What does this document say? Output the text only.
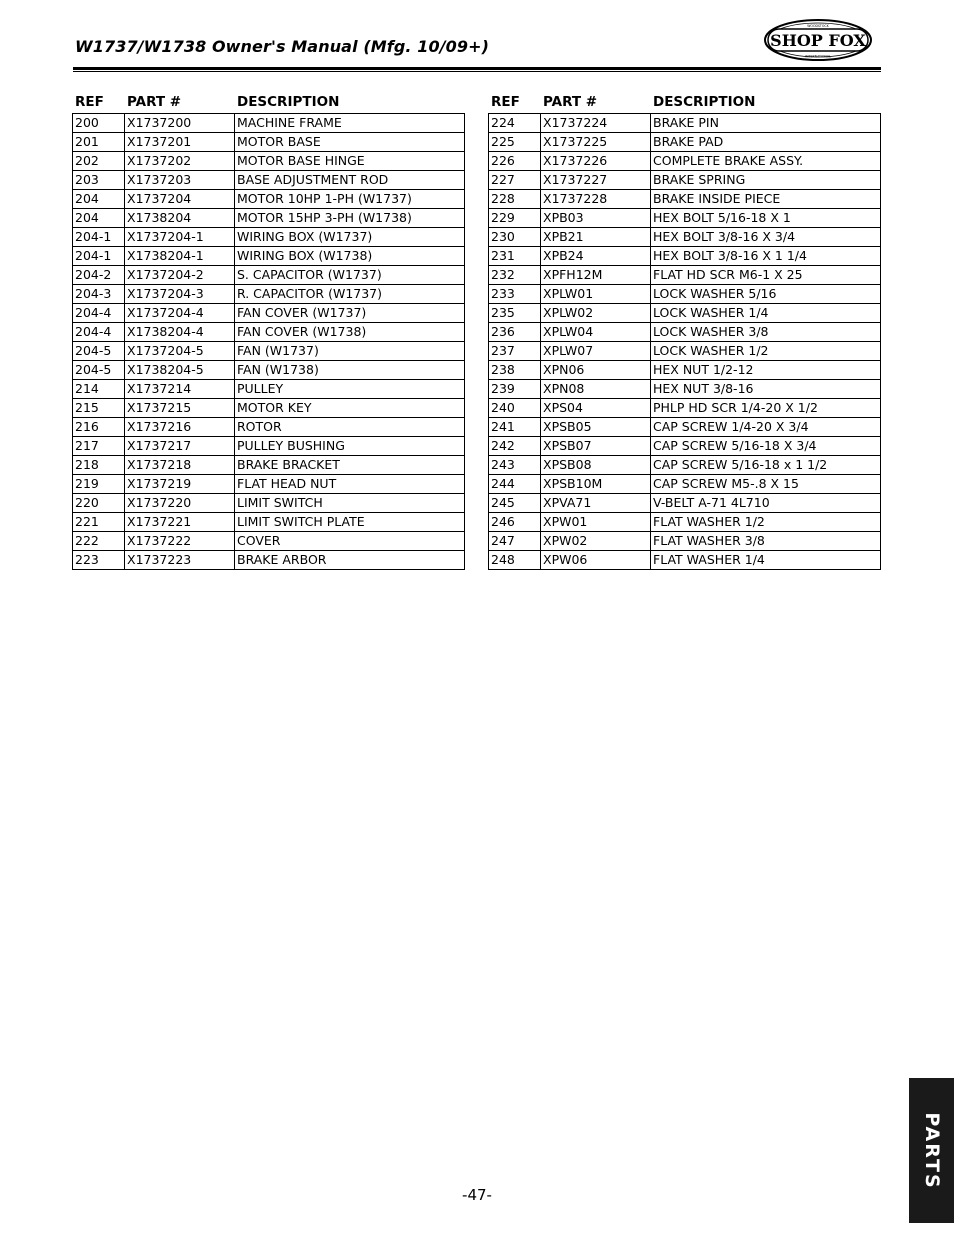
W1737/W1738 Owner's Manual (Mfg. 10/09+)	SHOP FOX
WOODSTOCK
INTERNATIONAL
REF	PART #	DESCRIPTION
200	X1737200	MACHINE FRAME
201	X1737201	MOTOR BASE
202	X1737202	MOTOR BASE HINGE
203	X1737203	BASE ADJUSTMENT ROD
204	X1737204	MOTOR 10HP 1-PH (W1737)
204	X1738204	MOTOR 15HP 3-PH (W1738)
204-1	X1737204-1	WIRING BOX (W1737)
204-1	X1738204-1	WIRING BOX (W1738)
204-2	X1737204-2	S. CAPACITOR (W1737)
204-3	X1737204-3	R. CAPACITOR (W1737)
204-4	X1737204-4	FAN COVER (W1737)
204-4	X1738204-4	FAN COVER (W1738)
204-5	X1737204-5	FAN (W1737)
204-5	X1738204-5	FAN (W1738)
214	X1737214	PULLEY
215	X1737215	MOTOR KEY
216	X1737216	ROTOR
217	X1737217	PULLEY BUSHING
218	X1737218	BRAKE BRACKET
219	X1737219	FLAT HEAD NUT
220	X1737220	LIMIT SWITCH
221	X1737221	LIMIT SWITCH PLATE
222	X1737222	COVER
223	X1737223	BRAKE ARBOR
REF	PART #	DESCRIPTION
224	X1737224	BRAKE PIN
225	X1737225	BRAKE PAD
226	X1737226	COMPLETE BRAKE ASSY.
227	X1737227	BRAKE SPRING
228	X1737228	BRAKE INSIDE PIECE
229	XPB03	HEX BOLT 5/16-18 X 1
230	XPB21	HEX BOLT 3/8-16 X 3/4
231	XPB24	HEX BOLT 3/8-16 X 1 1/4
232	XPFH12M	FLAT HD SCR M6-1 X 25
233	XPLW01	LOCK WASHER 5/16
235	XPLW02	LOCK WASHER 1/4
236	XPLW04	LOCK WASHER 3/8
237	XPLW07	LOCK WASHER 1/2
238	XPN06	HEX NUT 1/2-12
239	XPN08	HEX NUT 3/8-16
240	XPS04	PHLP HD SCR 1/4-20 X 1/2
241	XPSB05	CAP SCREW 1/4-20 X 3/4
242	XPSB07	CAP SCREW 5/16-18 X 3/4
243	XPSB08	CAP SCREW 5/16-18 x 1 1/2
244	XPSB10M	CAP SCREW M5-.8 X 15
245	XPVA71	V-BELT A-71 4L710
246	XPW01	FLAT WASHER 1/2
247	XPW02	FLAT WASHER 3/8
248	XPW06	FLAT WASHER 1/4
-47-
PARTS
